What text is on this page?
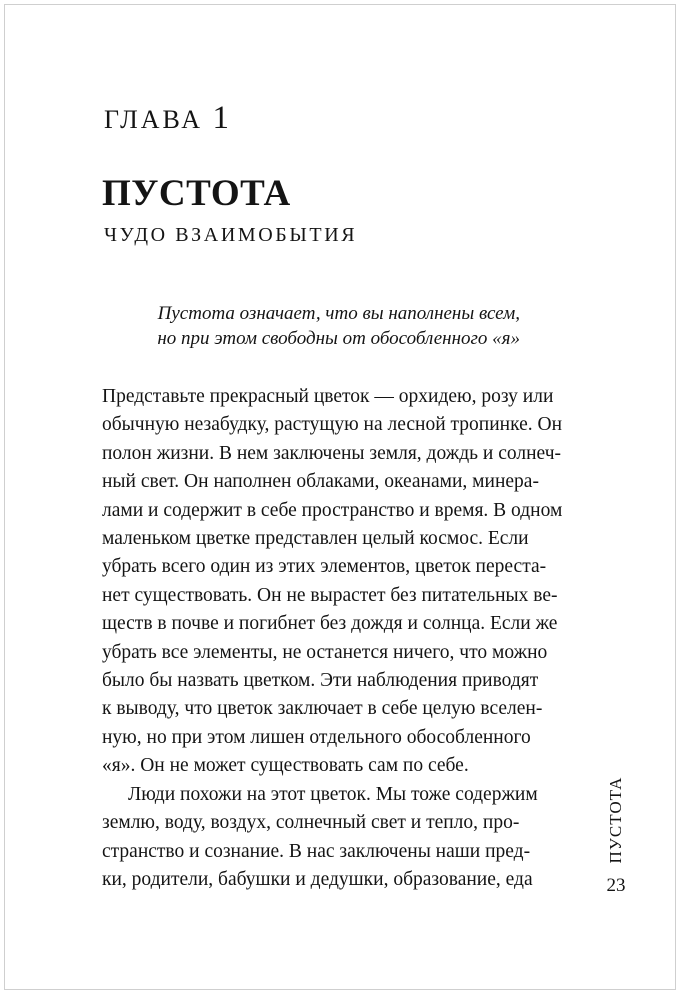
ГЛАВА 1
ПУСТОТА
ЧУДО ВЗАИМОБЫТИЯ
Пустота означает, что вы наполнены всем,
но при этом свободны от обособленного «я»
Представьте прекрасный цветок — орхидею, розу или
обычную незабудку, растущую на лесной тропинке. Он
полон жизни. В нем заключены земля, дождь и солнеч-
ный свет. Он наполнен облаками, океанами, минера-
лами и содержит в себе пространство и время. В одном
маленьком цветке представлен целый космос. Если
убрать всего один из этих элементов, цветок переста-
нет существовать. Он не вырастет без питательных ве-
ществ в почве и погибнет без дождя и солнца. Если же
убрать все элементы, не останется ничего, что можно
было бы назвать цветком. Эти наблюдения приводят
к выводу, что цветок заключает в себе целую вселен-
ную, но при этом лишен отдельного обособленного
«я». Он не может существовать сам по себе.
Люди похожи на этот цветок. Мы тоже содержим
землю, воду, воздух, солнечный свет и тепло, про-
странство и сознание. В нас заключены наши пред-
ки, родители, бабушки и дедушки, образование, еда
ПУСТОТА
23
